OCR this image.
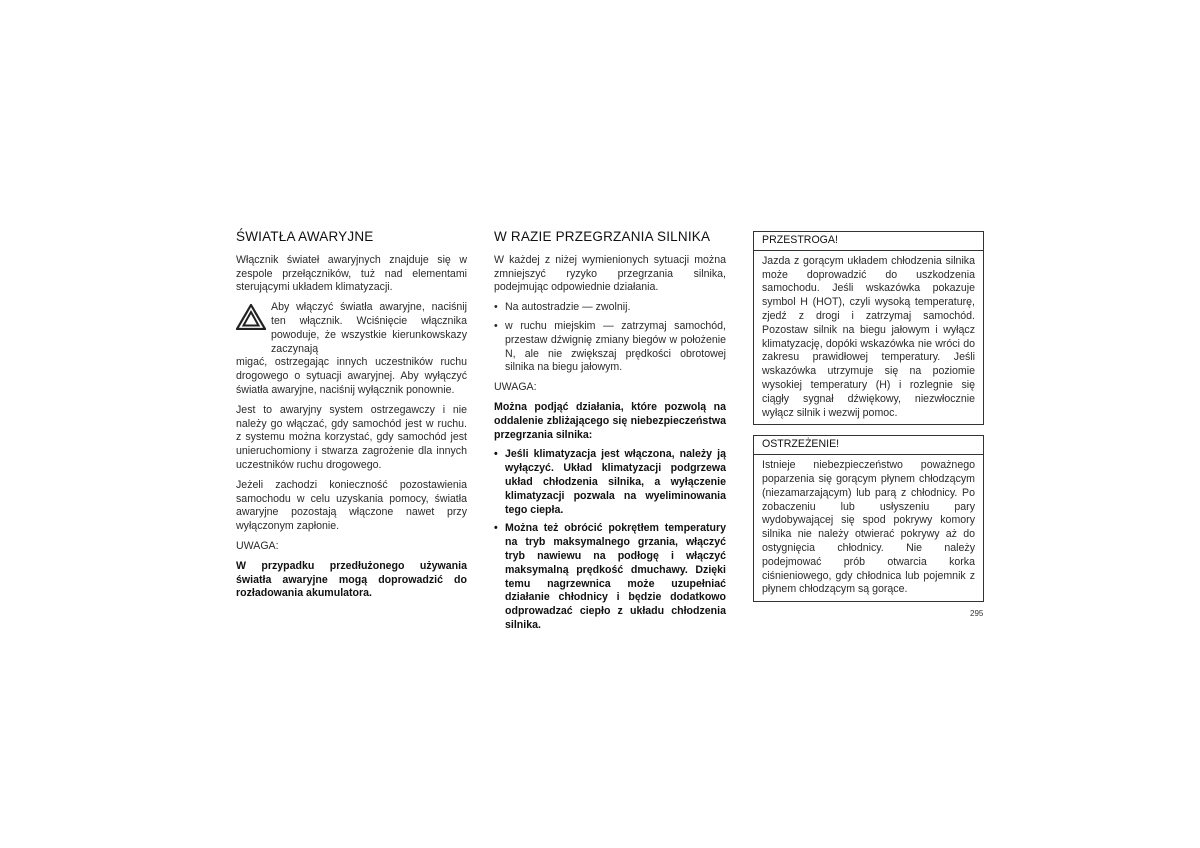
ŚWIATŁA AWARYJNE

Włącznik świateł awaryjnych znajduje się w zespole przełączników, tuż nad elementami sterującymi układem klimatyzacji.

Aby włączyć światła awaryjne, naciśnij ten włącznik. Wciśnięcie włącznika powoduje, że wszystkie kierunkowskazy zaczynają

migać, ostrzegając innych uczestników ruchu drogowego o sytuacji awaryjnej. Aby wyłączyć światła awaryjne, naciśnij wyłącznik ponownie.

Jest to awaryjny system ostrzegawczy i nie należy go włączać, gdy samochód jest w ruchu. z systemu można korzystać, gdy samochód jest unieruchomiony i stwarza zagrożenie dla innych uczestników ruchu drogowego.

Jeżeli zachodzi konieczność pozostawienia samochodu w celu uzyskania pomocy, światła awaryjne pozostają włączone nawet przy wyłączonym zapłonie.

UWAGA:

W przypadku przedłużonego używania światła awaryjne mogą doprowadzić do rozładowania akumulatora.

W RAZIE PRZEGRZANIA SILNIKA

W każdej z niżej wymienionych sytuacji można zmniejszyć ryzyko przegrzania silnika, podejmując odpowiednie działania.

• Na autostradzie — zwolnij.
• w ruchu miejskim — zatrzymaj samochód, przestaw dźwignię zmiany biegów w położenie N, ale nie zwiększaj prędkości obrotowej silnika na biegu jałowym.

UWAGA:

Można podjąć działania, które pozwolą na oddalenie zbliżającego się niebezpieczeństwa przegrzania silnika:

• Jeśli klimatyzacja jest włączona, należy ją wyłączyć. Układ klimatyzacji podgrzewa układ chłodzenia silnika, a wyłączenie klimatyzacji pozwala na wyeliminowania tego ciepła.
• Można też obrócić pokrętłem temperatury na tryb maksymalnego grzania, włączyć tryb nawiewu na podłogę i włączyć maksymalną prędkość dmuchawy. Dzięki temu nagrzewnica może uzupełniać działanie chłodnicy i będzie dodatkowo odprowadzać ciepło z układu chłodzenia silnika.
PRZESTROGA!
Jazda z gorącym układem chłodzenia silnika może doprowadzić do uszkodzenia samochodu. Jeśli wskazówka pokazuje symbol H (HOT), czyli wysoką temperaturę, zjedź z drogi i zatrzymaj samochód. Pozostaw silnik na biegu jałowym i wyłącz klimatyzację, dopóki wskazówka nie wróci do zakresu prawidłowej temperatury. Jeśli wskazówka utrzymuje się na poziomie wysokiej temperatury (H) i rozlegnie się ciągły sygnał dźwiękowy, niezwłocznie wyłącz silnik i wezwij pomoc.
OSTRZEŻENIE!
Istnieje niebezpieczeństwo poważnego poparzenia się gorącym płynem chłodzącym (niezamarzającym) lub parą z chłodnicy. Po zobaczeniu lub usłyszeniu pary wydobywającej się spod pokrywy komory silnika nie należy otwierać pokrywy aż do ostygnięcia chłodnicy. Nie należy podejmować prób otwarcia korka ciśnieniowego, gdy chłodnica lub pojemnik z płynem chłodzącym są gorące.
295
